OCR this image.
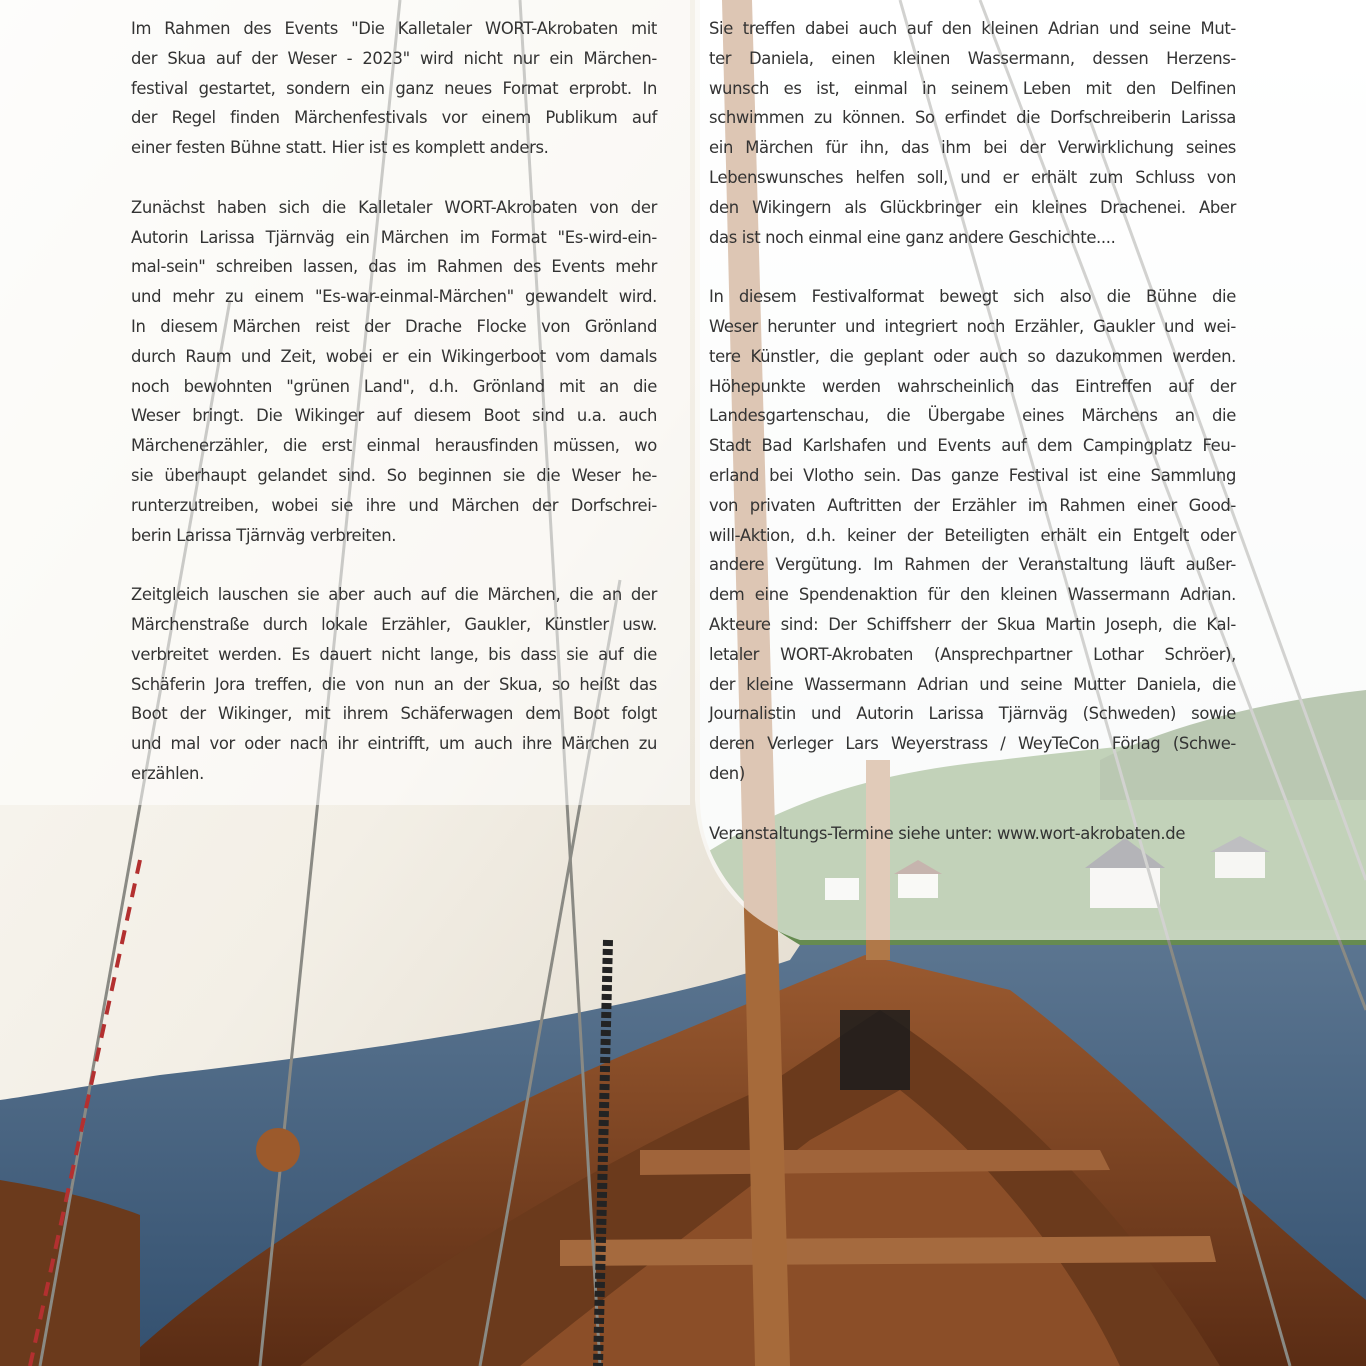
Im Rahmen des Events "Die Kalletaler WORT-Akrobaten mit
der Skua auf der Weser - 2023" wird nicht nur ein Märchen-
festival gestartet, sondern ein ganz neues Format erprobt. In
der Regel finden Märchenfestivals vor einem Publikum auf
einer festen Bühne statt. Hier ist es komplett anders.

Zunächst haben sich die Kalletaler WORT-Akrobaten von der
Autorin Larissa Tjärnväg ein Märchen im Format "Es-wird-ein-
mal-sein" schreiben lassen, das im Rahmen des Events mehr
und mehr zu einem "Es-war-einmal-Märchen" gewandelt wird.
In diesem Märchen reist der Drache Flocke von Grönland
durch Raum und Zeit, wobei er ein Wikingerboot vom damals
noch bewohnten "grünen Land", d.h. Grönland mit an die
Weser bringt. Die Wikinger auf diesem Boot sind u.a. auch
Märchenerzähler, die erst einmal herausfinden müssen, wo
sie überhaupt gelandet sind. So beginnen sie die Weser he-
runterzutreiben, wobei sie ihre und Märchen der Dorfschrei-
berin Larissa Tjärnväg verbreiten.

Zeitgleich lauschen sie aber auch auf die Märchen, die an der
Märchenstraße durch lokale Erzähler, Gaukler, Künstler usw.
verbreitet werden. Es dauert nicht lange, bis dass sie auf die
Schäferin Jora treffen, die von nun an der Skua, so heißt das
Boot der Wikinger, mit ihrem Schäferwagen dem Boot folgt
und mal vor oder nach ihr eintrifft, um auch ihre Märchen zu
erzählen.

Sie treffen dabei auch auf den kleinen Adrian und seine Mut-
ter Daniela, einen kleinen Wassermann, dessen Herzens-
wunsch es ist, einmal in seinem Leben mit den Delfinen
schwimmen zu können. So erfindet die Dorfschreiberin Larissa
ein Märchen für ihn, das ihm bei der Verwirklichung seines
Lebenswunsches helfen soll, und er erhält zum Schluss von
den Wikingern als Glückbringer ein kleines Drachenei. Aber
das ist noch einmal eine ganz andere Geschichte....

In diesem Festivalformat bewegt sich also die Bühne die
Weser herunter und integriert noch Erzähler, Gaukler und wei-
tere Künstler, die geplant oder auch so dazukommen werden.
Höhepunkte werden wahrscheinlich das Eintreffen auf der
Landesgartenschau, die Übergabe eines Märchens an die
Stadt Bad Karlshafen und Events auf dem Campingplatz Feu-
erland bei Vlotho sein. Das ganze Festival ist eine Sammlung
von privaten Auftritten der Erzähler im Rahmen einer Good-
will-Aktion, d.h. keiner der Beteiligten erhält ein Entgelt oder
andere Vergütung. Im Rahmen der Veranstaltung läuft außer-
dem eine Spendenaktion für den kleinen Wassermann Adrian.
Akteure sind: Der Schiffsherr der Skua Martin Joseph, die Kal-
letaler WORT-Akrobaten (Ansprechpartner Lothar Schröer),
der kleine Wassermann Adrian und seine Mutter Daniela, die
Journalistin und Autorin Larissa Tjärnväg (Schweden) sowie
deren Verleger Lars Weyerstrass / WeyTeCon Förlag (Schwe-
den)

Veranstaltungs-Termine siehe unter: www.wort-akrobaten.de
